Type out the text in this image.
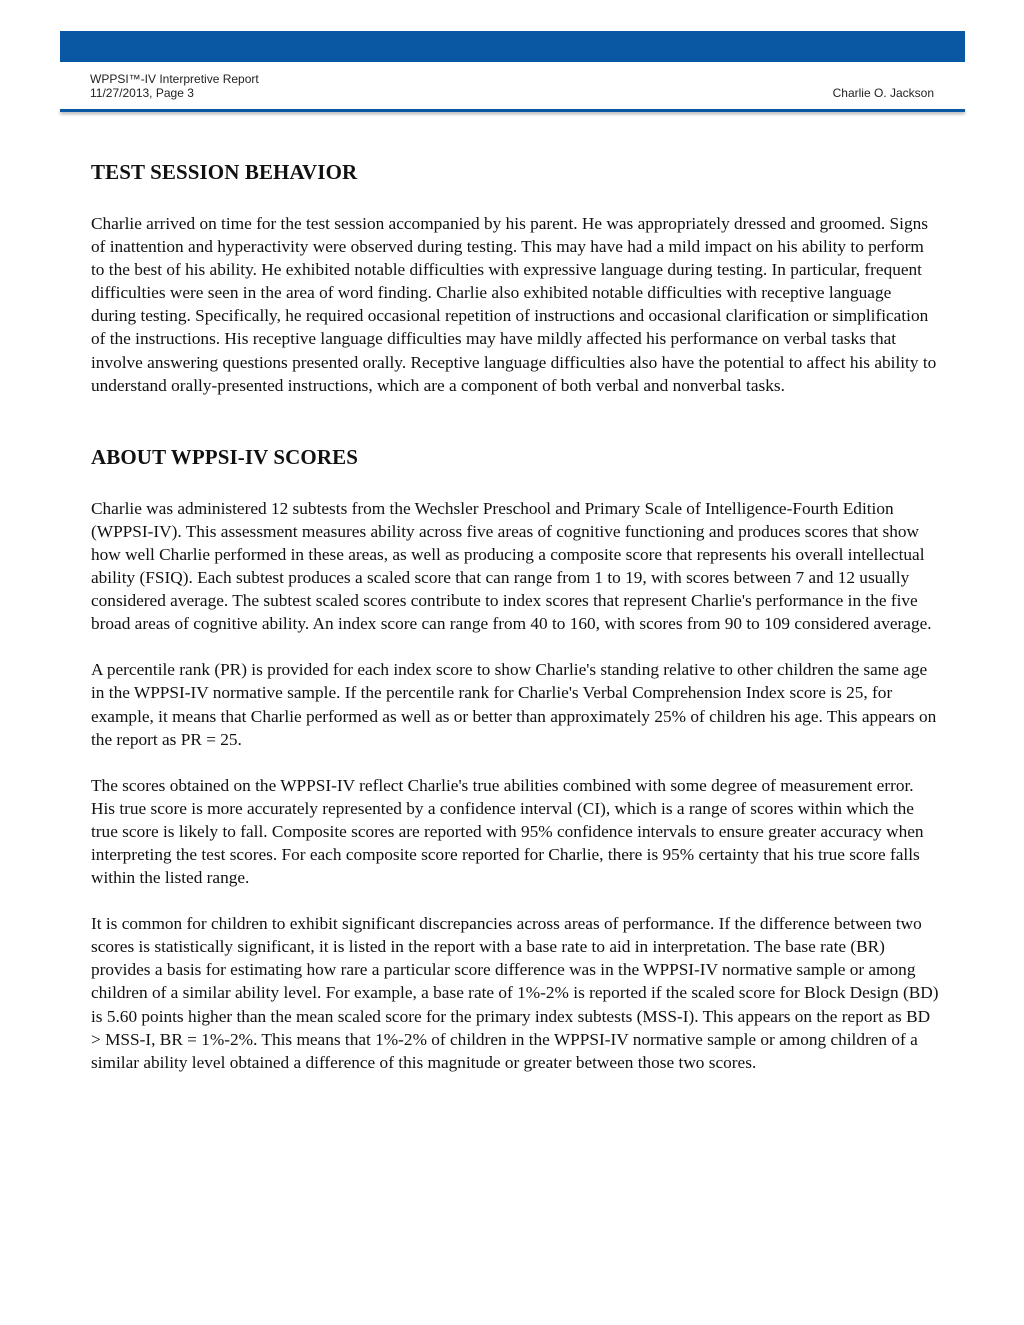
WPPSI™-IV Interpretive Report
11/27/2013, Page 3	Charlie O. Jackson
TEST SESSION BEHAVIOR

Charlie arrived on time for the test session accompanied by his parent. He was appropriately dressed and groomed. Signs of inattention and hyperactivity were observed during testing. This may have had a mild impact on his ability to perform to the best of his ability. He exhibited notable difficulties with expressive language during testing. In particular, frequent difficulties were seen in the area of word finding. Charlie also exhibited notable difficulties with receptive language during testing. Specifically, he required occasional repetition of instructions and occasional clarification or simplification of the instructions. His receptive language difficulties may have mildly affected his performance on verbal tasks that involve answering questions presented orally. Receptive language difficulties also have the potential to affect his ability to understand orally-presented instructions, which are a component of both verbal and nonverbal tasks.

ABOUT WPPSI-IV SCORES

Charlie was administered 12 subtests from the Wechsler Preschool and Primary Scale of Intelligence-Fourth Edition (WPPSI-IV). This assessment measures ability across five areas of cognitive functioning and produces scores that show how well Charlie performed in these areas, as well as producing a composite score that represents his overall intellectual ability (FSIQ). Each subtest produces a scaled score that can range from 1 to 19, with scores between 7 and 12 usually considered average. The subtest scaled scores contribute to index scores that represent Charlie's performance in the five broad areas of cognitive ability. An index score can range from 40 to 160, with scores from 90 to 109 considered average.

A percentile rank (PR) is provided for each index score to show Charlie's standing relative to other children the same age in the WPPSI-IV normative sample. If the percentile rank for Charlie's Verbal Comprehension Index score is 25, for example, it means that Charlie performed as well as or better than approximately 25% of children his age. This appears on the report as PR = 25.

The scores obtained on the WPPSI-IV reflect Charlie's true abilities combined with some degree of measurement error. His true score is more accurately represented by a confidence interval (CI), which is a range of scores within which the true score is likely to fall. Composite scores are reported with 95% confidence intervals to ensure greater accuracy when interpreting the test scores. For each composite score reported for Charlie, there is 95% certainty that his true score falls within the listed range.

It is common for children to exhibit significant discrepancies across areas of performance. If the difference between two scores is statistically significant, it is listed in the report with a base rate to aid in interpretation. The base rate (BR) provides a basis for estimating how rare a particular score difference was in the WPPSI-IV normative sample or among children of a similar ability level. For example, a base rate of 1%-2% is reported if the scaled score for Block Design (BD) is 5.60 points higher than the mean scaled score for the primary index subtests (MSS-I). This appears on the report as BD > MSS-I, BR = 1%-2%. This means that 1%-2% of children in the WPPSI-IV normative sample or among children of a similar ability level obtained a difference of this magnitude or greater between those two scores.
